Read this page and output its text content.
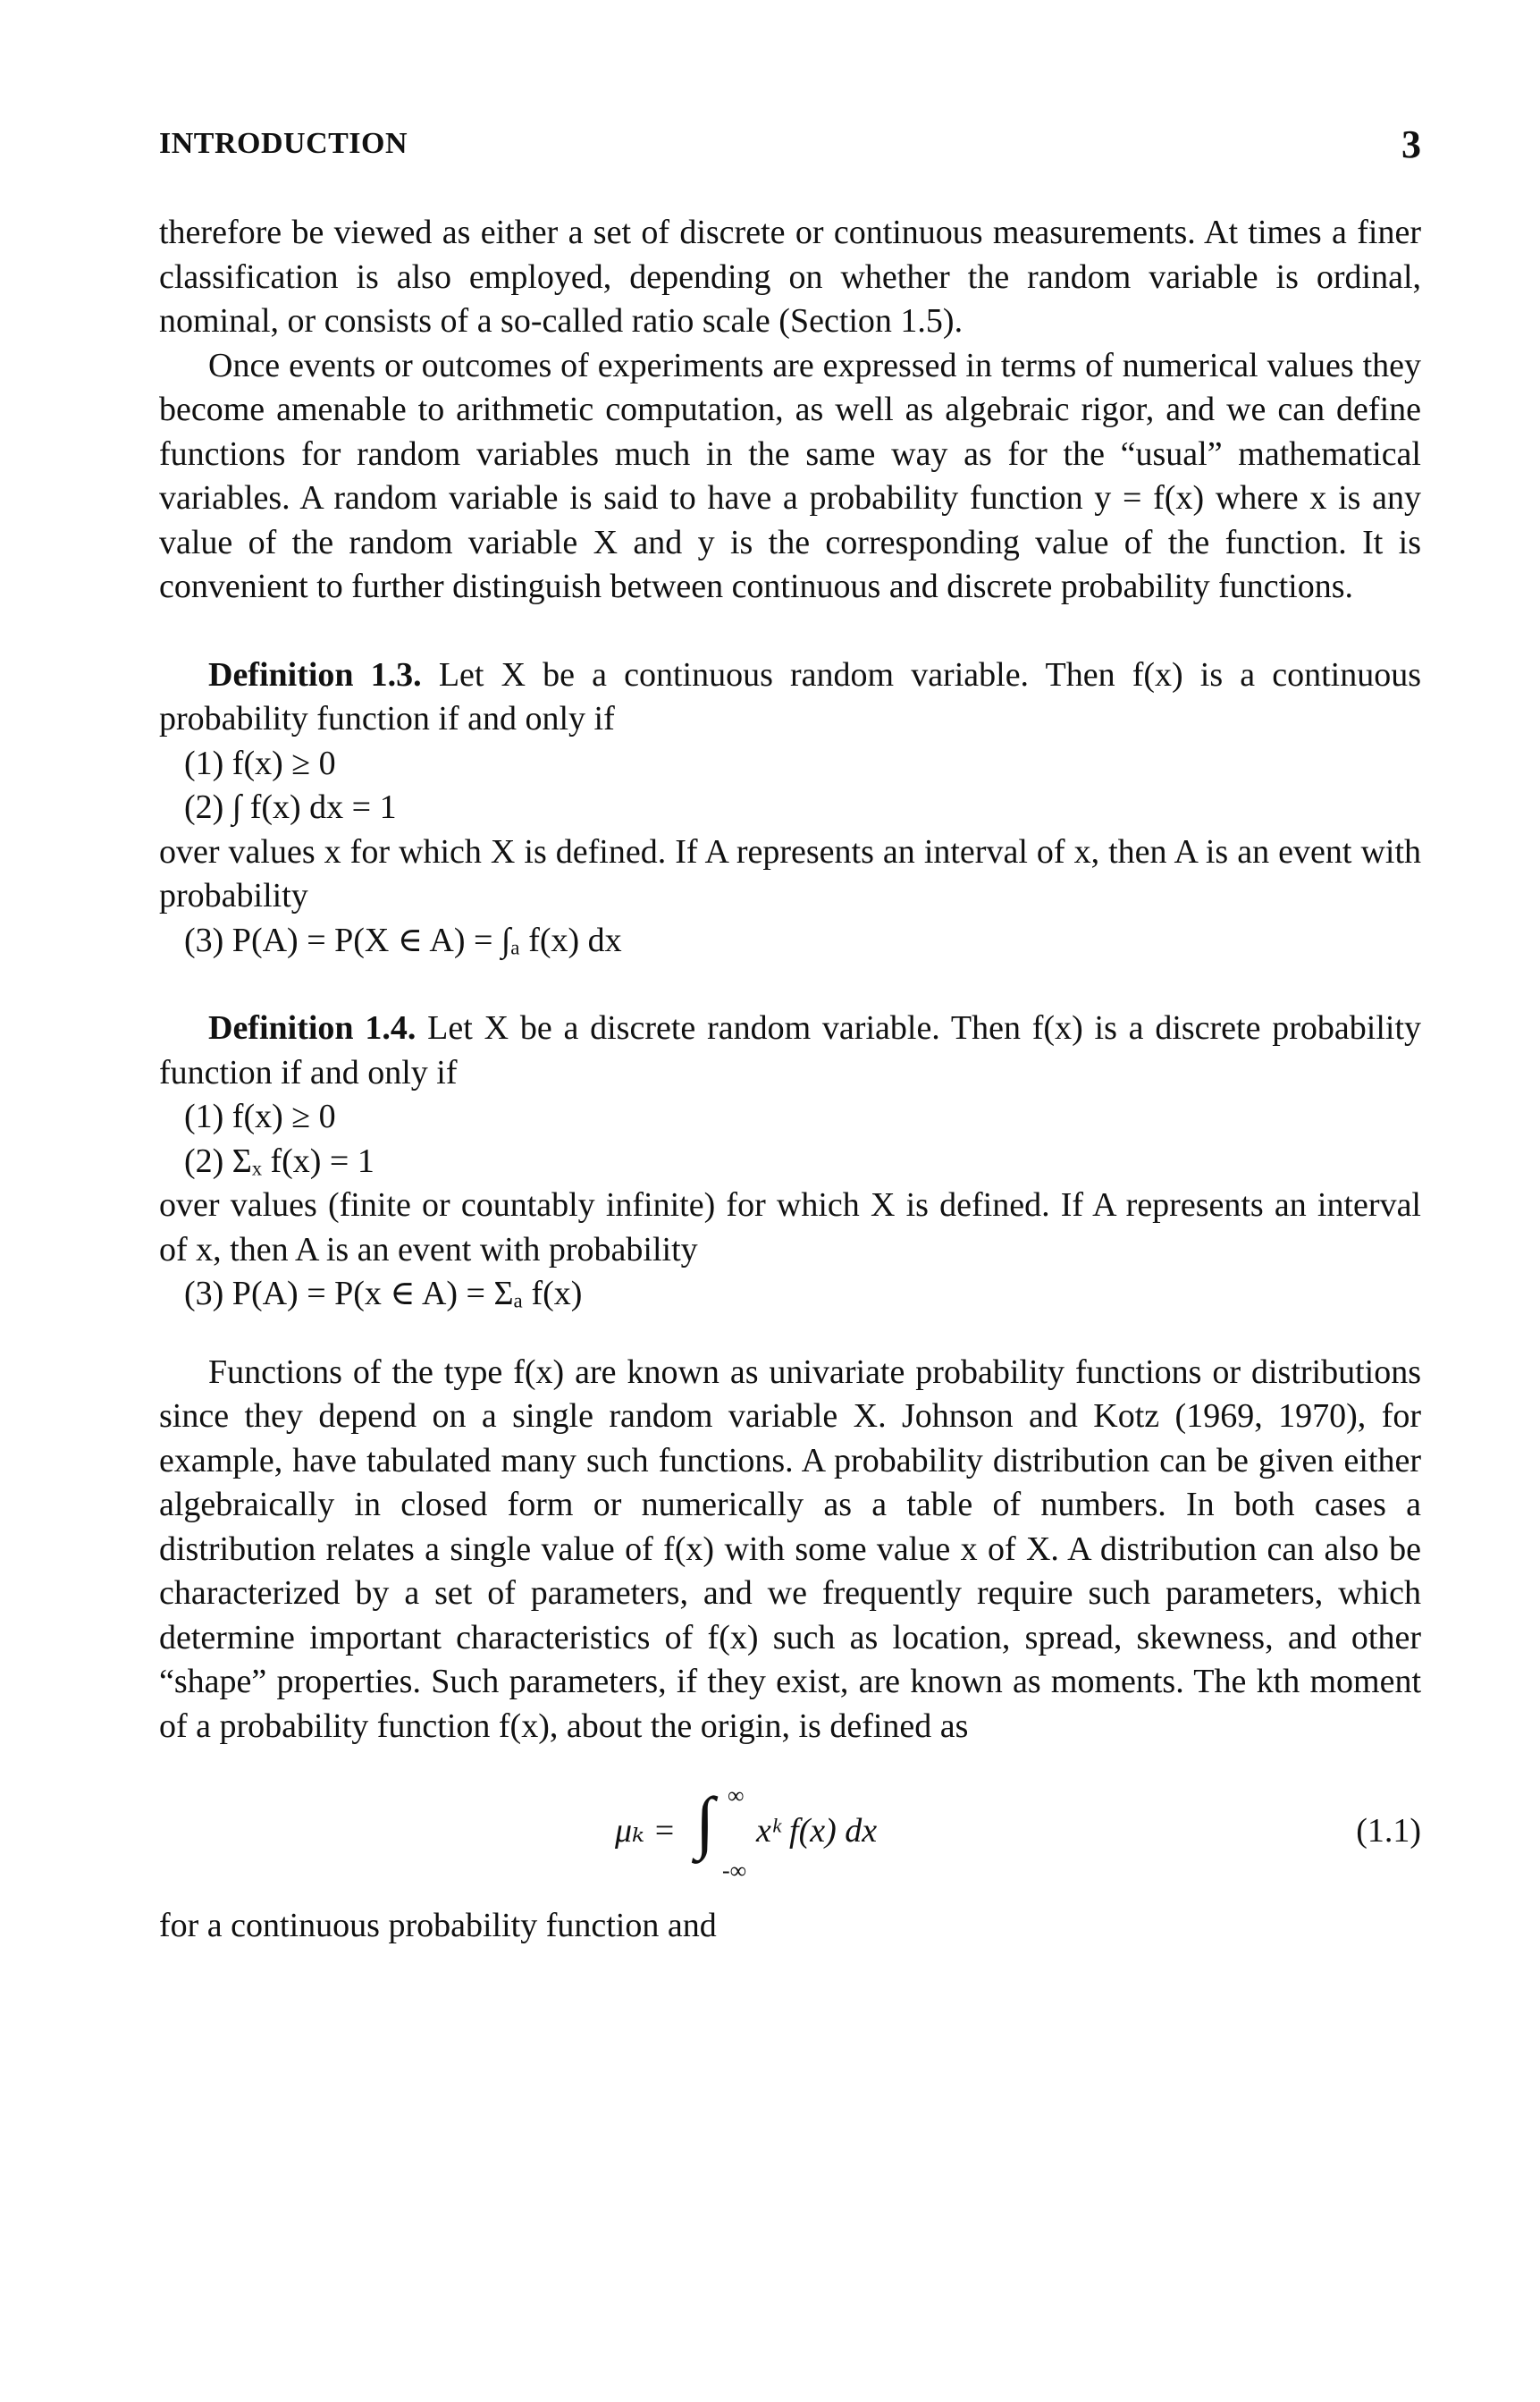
INTRODUCTION	3

therefore be viewed as either a set of discrete or continuous measurements. At times a finer classification is also employed, depending on whether the random variable is ordinal, nominal, or consists of a so-called ratio scale (Section 1.5).

Once events or outcomes of experiments are expressed in terms of numerical values they become amenable to arithmetic computation, as well as algebraic rigor, and we can define functions for random variables much in the same way as for the “usual” mathematical variables. A random variable is said to have a probability function y = f(x) where x is any value of the random variable X and y is the corresponding value of the function. It is convenient to further distinguish between continuous and discrete probability functions.

Definition 1.3. Let X be a continuous random variable. Then f(x) is a continuous probability function if and only if

(1) f(x) ≥ 0

(2) ∫ f(x) dx = 1

over values x for which X is defined. If A represents an interval of x, then A is an event with probability

(3) P(A) = P(X ∈ A) = ∫ₐ f(x) dx

Definition 1.4. Let X be a discrete random variable. Then f(x) is a discrete probability function if and only if

(1) f(x) ≥ 0

(2) Σₓ f(x) = 1

over values (finite or countably infinite) for which X is defined. If A represents an interval of x, then A is an event with probability

(3) P(A) = P(x ∈ A) = Σₐ f(x)

Functions of the type f(x) are known as univariate probability functions or distributions since they depend on a single random variable X. Johnson and Kotz (1969, 1970), for example, have tabulated many such functions. A probability distribution can be given either algebraically in closed form or numerically as a table of numbers. In both cases a distribution relates a single value of f(x) with some value x of X. A distribution can also be characterized by a set of parameters, and we frequently require such parameters, which determine important characteristics of f(x) such as location, spread, skewness, and other “shape” properties. Such parameters, if they exist, are known as moments. The kth moment of a probability function f(x), about the origin, is defined as

μₖ = ∫ ∞
-∞
xᵏ f(x) dx	(1.1)

for a continuous probability function and
